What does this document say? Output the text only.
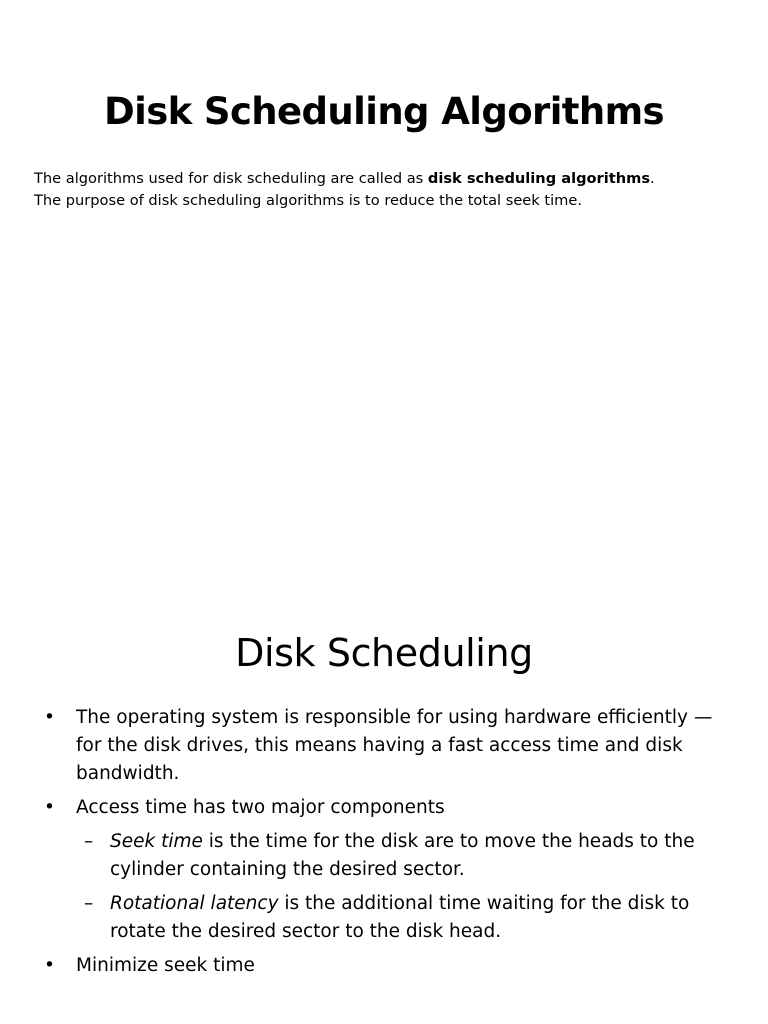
Disk Scheduling Algorithms

The algorithms used for disk scheduling are called as disk scheduling algorithms.

The purpose of disk scheduling algorithms is to reduce the total seek time.

Disk Scheduling
• The operating system is responsible for using hardware efficiently — for the disk drives, this means having a fast access time and disk bandwidth.
• Access time has two major components
– Seek time is the time for the disk are to move the heads to the cylinder containing the desired sector.
– Rotational latency is the additional time waiting for the disk to rotate the desired sector to the disk head.
• Minimize seek time
